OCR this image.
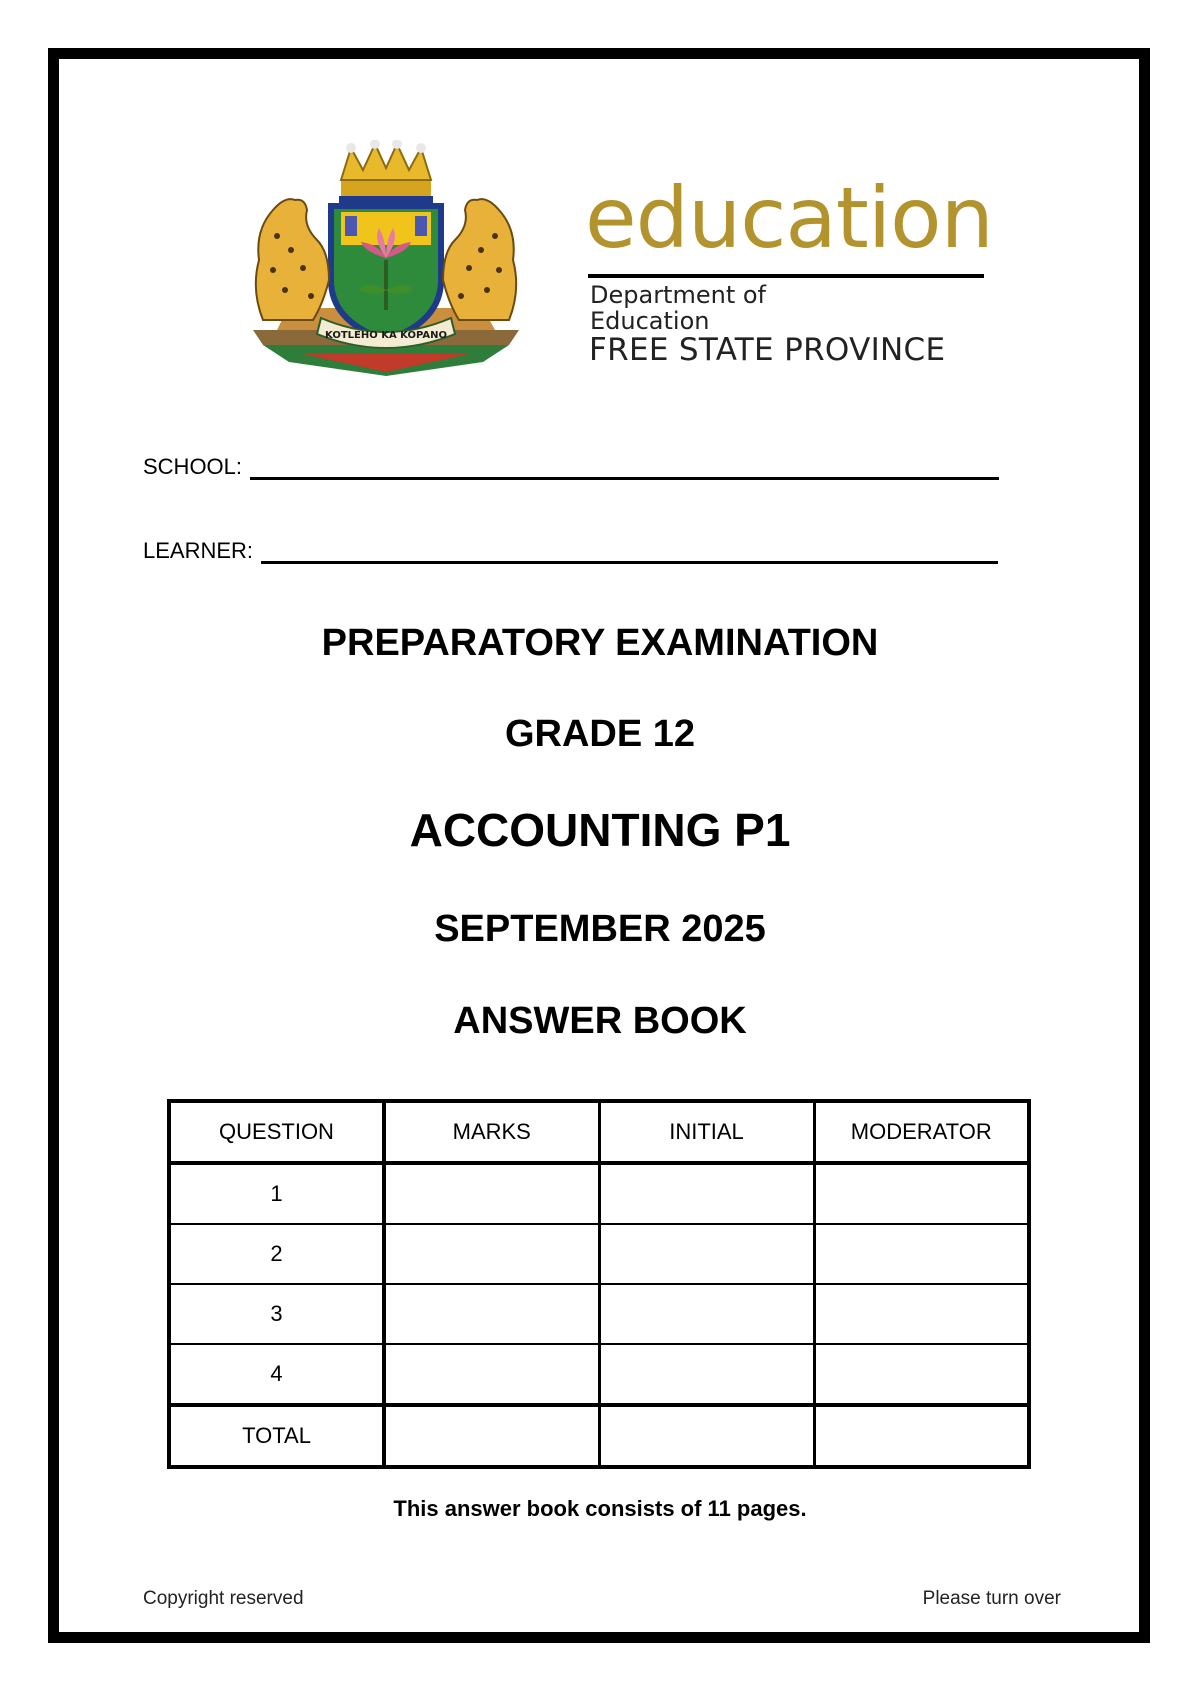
KOTLEHO KA KOPANO
education
Department of
Education
FREE STATE PROVINCE
SCHOOL:
LEARNER:
PREPARATORY EXAMINATION
GRADE 12
ACCOUNTING P1
SEPTEMBER 2025
ANSWER BOOK
QUESTION	MARKS	INITIAL	MODERATOR
1			
2			
3			
4			
TOTAL			
This answer book consists of 11 pages.
Copyright reserved	Please turn over
